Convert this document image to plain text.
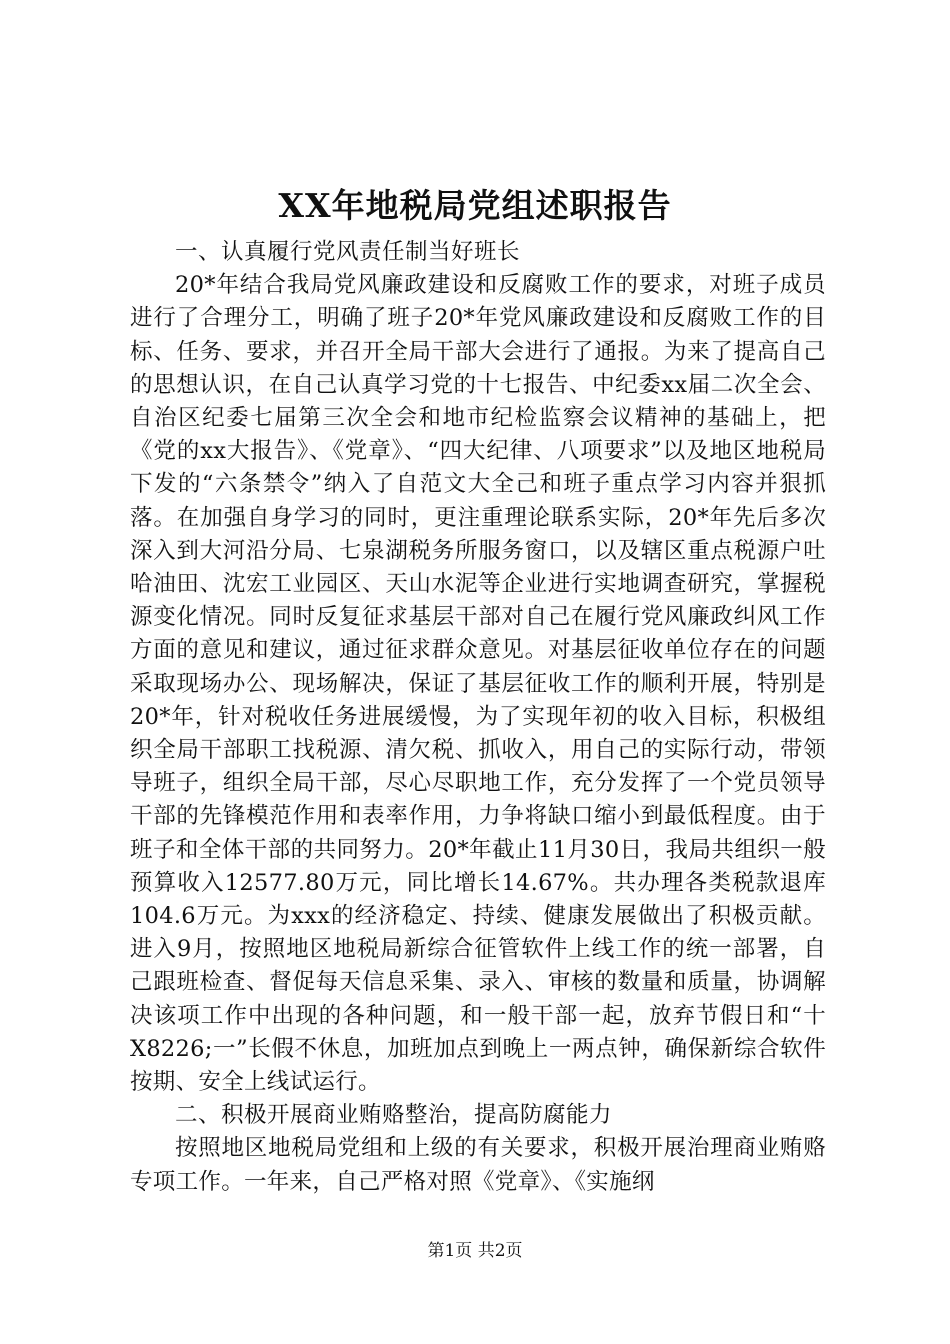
XX年地税局党组述职报告

一、认真履行党风责任制当好班长

20*年结合我局党风廉政建设和反腐败工作的要求，对班子成员进行了合理分工，明确了班子20*年党风廉政建设和反腐败工作的目标、任务、要求，并召开全局干部大会进行了通报。为来了提高自己的思想认识，在自己认真学习党的十七报告、中纪委xx届二次全会、自治区纪委七届第三次全会和地市纪检监察会议精神的基础上，把《党的xx大报告》、《党章》、“四大纪律、八项要求”以及地区地税局下发的“六条禁令”纳入了自范文大全己和班子重点学习内容并狠抓落。在加强自身学习的同时，更注重理论联系实际，20*年先后多次深入到大河沿分局、七泉湖税务所服务窗口，以及辖区重点税源户吐哈油田、沈宏工业园区、天山水泥等企业进行实地调查研究，掌握税源变化情况。同时反复征求基层干部对自己在履行党风廉政纠风工作方面的意见和建议，通过征求群众意见。对基层征收单位存在的问题采取现场办公、现场解决，保证了基层征收工作的顺利开展，特别是20*年，针对税收任务进展缓慢，为了实现年初的收入目标，积极组织全局干部职工找税源、清欠税、抓收入，用自己的实际行动，带领导班子，组织全局干部，尽心尽职地工作，充分发挥了一个党员领导干部的先锋模范作用和表率作用，力争将缺口缩小到最低程度。由于班子和全体干部的共同努力。20*年截止11月30日，我局共组织一般预算收入12577.80万元，同比增长14.67%。共办理各类税款退库104.6万元。为xxx的经济稳定、持续、健康发展做出了积极贡献。进入9月，按照地区地税局新综合征管软件上线工作的统一部署，自己跟班检查、督促每天信息采集、录入、审核的数量和质量，协调解决该项工作中出现的各种问题，和一般干部一起，放弃节假日和“十X8226;一”长假不休息，加班加点到晚上一两点钟，确保新综合软件按期、安全上线试运行。

二、积极开展商业贿赂整治，提高防腐能力

按照地区地税局党组和上级的有关要求，积极开展治理商业贿赂专项工作。一年来，自己严格对照《党章》、《实施纲

第1页 共2页
